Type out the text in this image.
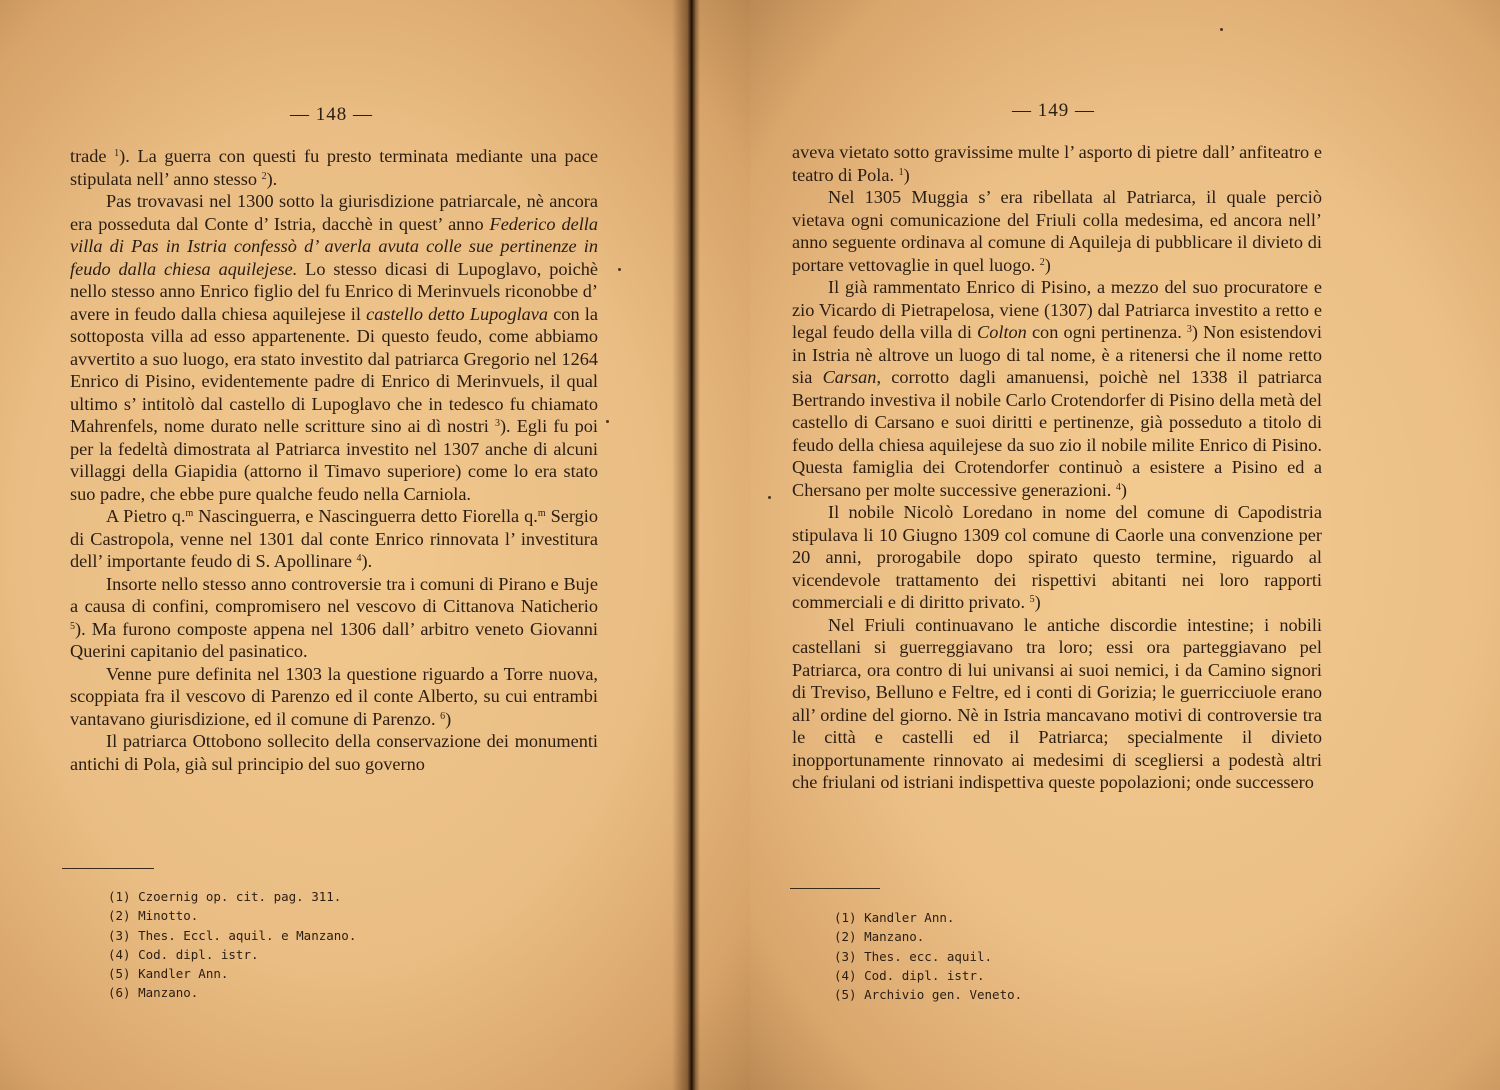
— 148 —

trade $^1$). La guerra con questi fu presto terminata mediante una pace stipulata nell’ anno stesso $^2$).

Pas trovavasi nel 1300 sotto la giurisdizione patriarcale, nè ancora era posseduta dal Conte d’ Istria, dacchè in quest’ anno Federico della villa di Pas in Istria confessò d’ averla avuta colle sue pertinenze in feudo dalla chiesa aquilejese. Lo stesso dicasi di Lupoglavo, poichè nello stesso anno Enrico figlio del fu Enrico di Merinvuels riconobbe d’ avere in feudo dalla chiesa aquilejese il castello detto Lupoglava con la sottoposta villa ad esso appartenente. Di questo feudo, come abbiamo avvertito a suo luogo, era stato investito dal patriarca Gregorio nel 1264 Enrico di Pisino, evidentemente padre di Enrico di Merinvuels, il qual ultimo s’ intitolò dal castello di Lupoglavo che in tedesco fu chiamato Mahrenfels, nome durato nelle scritture sino ai dì nostri $^3$). Egli fu poi per la fedeltà dimostrata al Patriarca investito nel 1307 anche di alcuni villaggi della Giapidia (attorno il Timavo superiore) come lo era stato suo padre, che ebbe pure qualche feudo nella Carniola.

A Pietro q.$^m$ Nascinguerra, e Nascinguerra detto Fiorella q.$^m$ Sergio di Castropola, venne nel 1301 dal conte Enrico rinnovata l’ investitura dell’ importante feudo di S. Apollinare $^4$).

Insorte nello stesso anno controversie tra i comuni di Pirano e Buje a causa di confini, compromisero nel vescovo di Cittanova Naticherio $^5$). Ma furono composte appena nel 1306 dall’ arbitro veneto Giovanni Querini capitanio del pasinatico.

Venne pure definita nel 1303 la questione riguardo a Torre nuova, scoppiata fra il vescovo di Parenzo ed il conte Alberto, su cui entrambi vantavano giurisdizione, ed il comune di Parenzo. $^6$)

Il patriarca Ottobono sollecito della conservazione dei monumenti antichi di Pola, già sul principio del suo governo

(1) Czoernig op. cit. pag. 311.
(2) Minotto.
(3) Thes. Eccl. aquil. e Manzano.
(4) Cod. dipl. istr.
(5) Kandler Ann.
(6) Manzano.
— 149 —

aveva vietato sotto gravissime multe l’ asporto di pietre dall’ anfiteatro e teatro di Pola. $^1$)

Nel 1305 Muggia s’ era ribellata al Patriarca, il quale perciò vietava ogni comunicazione del Friuli colla medesima, ed ancora nell’ anno seguente ordinava al comune di Aquileja di pubblicare il divieto di portare vettovaglie in quel luogo. $^2$)

Il già rammentato Enrico di Pisino, a mezzo del suo procuratore e zio Vicardo di Pietrapelosa, viene (1307) dal Patriarca investito a retto e legal feudo della villa di Colton con ogni pertinenza. $^3$) Non esistendovi in Istria nè altrove un luogo di tal nome, è a ritenersi che il nome retto sia Carsan, corrotto dagli amanuensi, poichè nel 1338 il patriarca Bertrando investiva il nobile Carlo Crotendorfer di Pisino della metà del castello di Carsano e suoi diritti e pertinenze, già posseduto a titolo di feudo della chiesa aquilejese da suo zio il nobile milite Enrico di Pisino. Questa famiglia dei Crotendorfer continuò a esistere a Pisino ed a Chersano per molte successive generazioni. $^4$)

Il nobile Nicolò Loredano in nome del comune di Capodistria stipulava li 10 Giugno 1309 col comune di Caorle una convenzione per 20 anni, prorogabile dopo spirato questo termine, riguardo al vicendevole trattamento dei rispettivi abitanti nei loro rapporti commerciali e di diritto privato. $^5$)

Nel Friuli continuavano le antiche discordie intestine; i nobili castellani si guerreggiavano tra loro; essi ora parteggiavano pel Patriarca, ora contro di lui univansi ai suoi nemici, i da Camino signori di Treviso, Belluno e Feltre, ed i conti di Gorizia; le guerricciuole erano all’ ordine del giorno. Nè in Istria mancavano motivi di controversie tra le città e castelli ed il Patriarca; specialmente il divieto inopportunamente rinnovato ai medesimi di scegliersi a podestà altri che friulani od istriani indispettiva queste popolazioni; onde successero

(1) Kandler Ann.
(2) Manzano.
(3) Thes. ecc. aquil.
(4) Cod. dipl. istr.
(5) Archivio gen. Veneto.
